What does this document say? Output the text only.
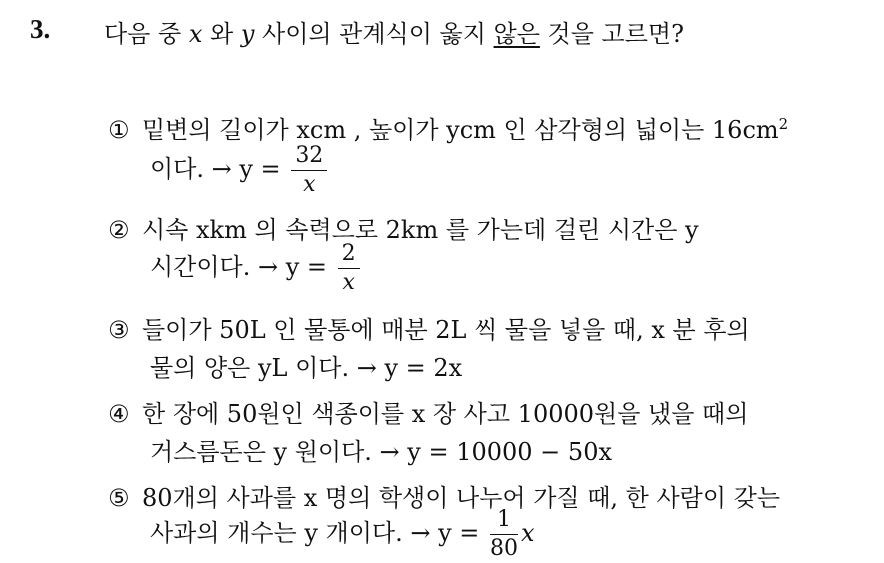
3. 다음 중 x 와 y 사이의 관계식이 옳지 않은 것을 고르면?
① 밑변의 길이가 xcm , 높이가 ycm 인 삼각형의 넓이는 $16cm^2$
이다. → $y = \frac{32}{x}$
② 시속 xkm 의 속력으로 2km 를 가는데 걸린 시간은 y
시간이다. → $y = \frac{2}{x}$
③ 들이가 50L 인 물통에 매분 2L 씩 물을 넣을 때, x 분 후의
물의 양은 yL 이다. → y = 2x
④ 한 장에 50원인 색종이를 x 장 사고 10000원을 냈을 때의
거스름돈은 y 원이다. → y = 10000 − 50x
⑤ 80개의 사과를 x 명의 학생이 나누어 가질 때, 한 사람이 갖는
사과의 개수는 y 개이다. → $y = \frac{1}{80}$ x
